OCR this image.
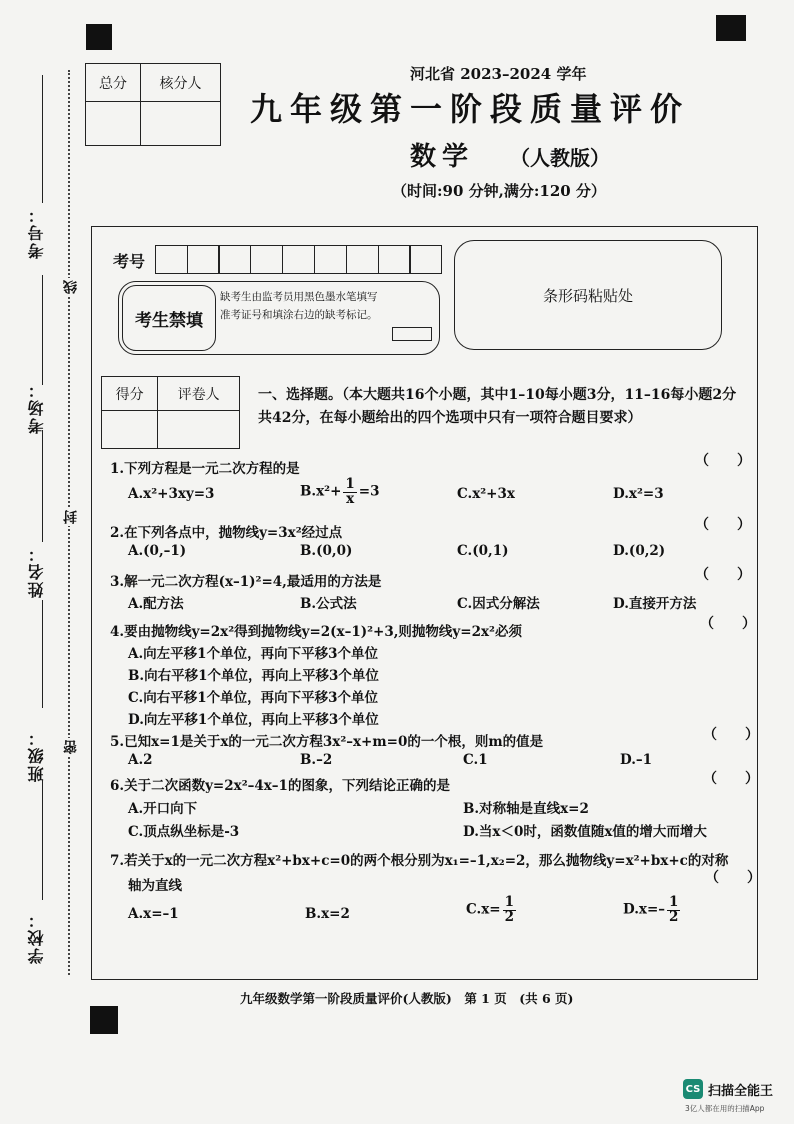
考号：
考场：
姓名：
班级：
学校：
线
封
密
总分	核分人

河北省 2023–2024 学年
九年级第一阶段质量评价
数学 （人教版）
（时间:90 分钟,满分:120 分）
考号
考生禁填
缺考生由监考员用黑色墨水笔填写准考证号和填涂右边的缺考标记。
条形码粘贴处
得分	评卷人
		一、选择题。（本大题共16个小题，其中1–10每小题3分，11–16每小题2分共42分，在每小题给出的四个选项中只有一项符合题目要求）
1.下列方程是一元二次方程的是	（　　）
A.x²+3xy=3	$B.x^2+ \frac{1}{x} =3$	C.x²+3x	D.x²=3
2.在下列各点中，抛物线y=3x²经过点	（　　）
A.(0,–1)	B.(0,0)	C.(0,1)	D.(0,2)
3.解一元二次方程(x–1)²=4,最适用的方法是	（　　）
A.配方法	B.公式法	C.因式分解法	D.直接开方法
4.要由抛物线y=2x²得到抛物线y=2(x–1)²+3,则抛物线y=2x²必须	（　　）
A.向左平移1个单位，再向下平移3个单位
B.向右平移1个单位，再向上平移3个单位
C.向右平移1个单位，再向下平移3个单位
D.向左平移1个单位，再向上平移3个单位
5.已知x=1是关于x的一元二次方程3x²–x+m=0的一个根，则m的值是	（　　）
A.2	B.–2	C.1	D.–1
6.关于二次函数y=2x²–4x–1的图象，下列结论正确的是	（　　）
A.开口向下	B.对称轴是直线x=2
C.顶点纵坐标是-3	D.当x＜0时，函数值随x值的增大而增大
7.若关于x的一元二次方程x²+bx+c=0的两个根分别为x₁=–1,x₂=2，那么抛物线y=x²+bx+c的对称
轴为直线	（　　）
A.x=–1	B.x=2	$C.x= \frac{1}{2}$	$D.x=- \frac{1}{2}$
九年级数学第一阶段质量评价(人教版)　第 1 页　(共 6 页)
CS 扫描全能王
3亿人都在用的扫描App
